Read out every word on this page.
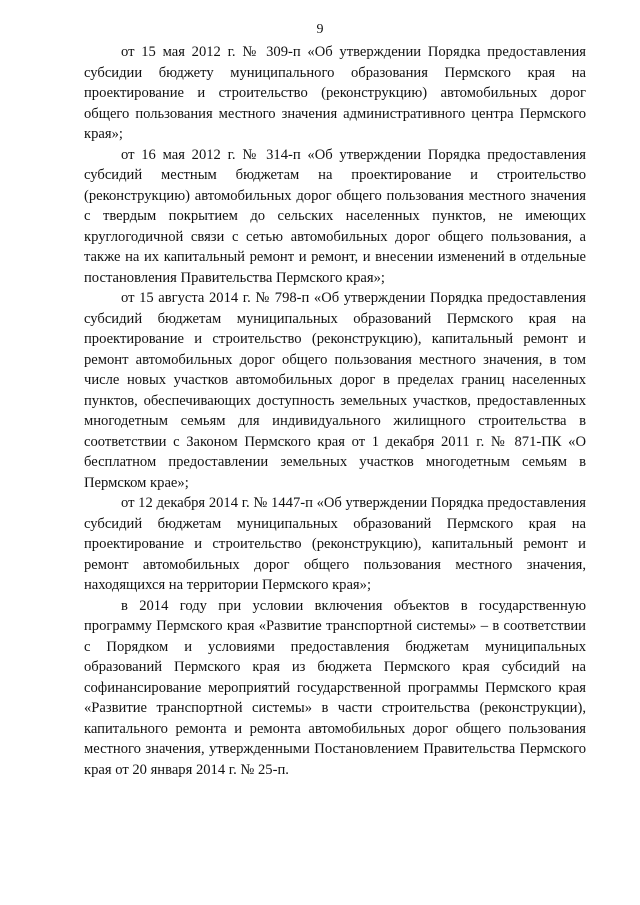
9

от 15 мая 2012 г. № 309-п «Об утверждении Порядка предоставления субсидии бюджету муниципального образования Пермского края на проектирование и строительство (реконструкцию) автомобильных дорог общего пользования местного значения административного центра Пермского края»;

от 16 мая 2012 г. № 314-п «Об утверждении Порядка предоставления субсидий местным бюджетам на проектирование и строительство (реконструкцию) автомобильных дорог общего пользования местного значения с твердым покрытием до сельских населенных пунктов, не имеющих круглогодичной связи с сетью автомобильных дорог общего пользования, а также на их капитальный ремонт и ремонт, и внесении изменений в отдельные постановления Правительства Пермского края»;

от 15 августа 2014 г. № 798-п «Об утверждении Порядка предоставления субсидий бюджетам муниципальных образований Пермского края на проектирование и строительство (реконструкцию), капитальный ремонт и ремонт автомобильных дорог общего пользования местного значения, в том числе новых участков автомобильных дорог в пределах границ населенных пунктов, обеспечивающих доступность земельных участков, предоставленных многодетным семьям для индивидуального жилищного строительства в соответствии с Законом Пермского края от 1 декабря 2011 г. № 871-ПК «О бесплатном предоставлении земельных участков многодетным семьям в Пермском крае»;

от 12 декабря 2014 г. № 1447-п «Об утверждении Порядка предоставления субсидий бюджетам муниципальных образований Пермского края на проектирование и строительство (реконструкцию), капитальный ремонт и ремонт автомобильных дорог общего пользования местного значения, находящихся на территории Пермского края»;

в 2014 году при условии включения объектов в государственную программу Пермского края «Развитие транспортной системы» – в соответствии с Порядком и условиями предоставления бюджетам муниципальных образований Пермского края из бюджета Пермского края субсидий на софинансирование мероприятий государственной программы Пермского края «Развитие транспортной системы» в части строительства (реконструкции), капитального ремонта и ремонта автомобильных дорог общего пользования местного значения, утвержденными Постановлением Правительства Пермского края от 20 января 2014 г. № 25-п.
